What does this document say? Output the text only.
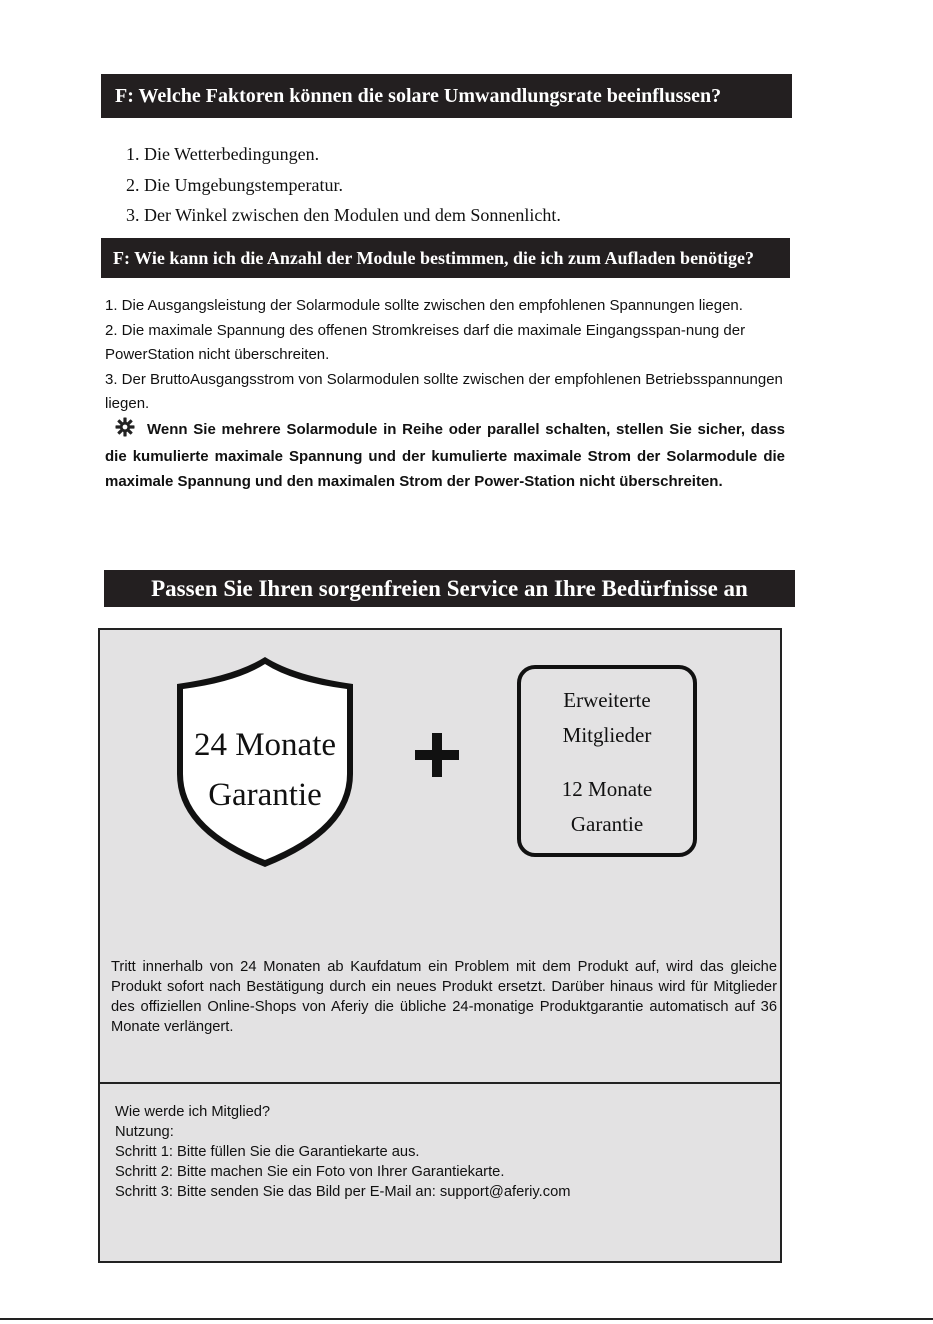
F: Welche Faktoren können die solare Umwandlungsrate beeinflussen?
1. Die Wetterbedingungen.
2. Die Umgebungstemperatur.
3. Der Winkel zwischen den Modulen und dem Sonnenlicht.
F: Wie kann ich die Anzahl der Module bestimmen, die ich zum Aufladen benötige?

1. Die Ausgangsleistung der Solarmodule sollte zwischen den empfohlenen Spannungen liegen.

2. Die maximale Spannung des offenen Stromkreises darf die maximale Eingangsspan-nung der PowerStation nicht überschreiten.

3. Der BruttoAusgangsstrom von Solarmodulen sollte zwischen der empfohlenen Betriebsspannungen liegen.

Wenn Sie mehrere Solarmodule in Reihe oder parallel schalten, stellen Sie sicher, dass die kumulierte maximale Spannung und der kumulierte maximale Strom der Solarmodule die maximale Spannung und den maximalen Strom der Power-Station nicht überschreiten.

Passen Sie Ihren sorgenfreien Service an Ihre Bedürfnisse an
24 Monate
Garantie
Erweiterte
Mitglieder
12 Monate
Garantie

Tritt innerhalb von 24 Monaten ab Kaufdatum ein Problem mit dem Produkt auf, wird das gleiche Produkt sofort nach Bestätigung durch ein neues Produkt ersetzt. Darüber hinaus wird für Mitglieder des offiziellen Online-Shops von Aferiy die übliche 24-monatige Produktgarantie automatisch auf 36 Monate verlängert.

Wie werde ich Mitglied?
Nutzung:
Schritt 1: Bitte füllen Sie die Garantiekarte aus.
Schritt 2: Bitte machen Sie ein Foto von Ihrer Garantiekarte.
Schritt 3: Bitte senden Sie das Bild per E-Mail an: support@aferiy.com
